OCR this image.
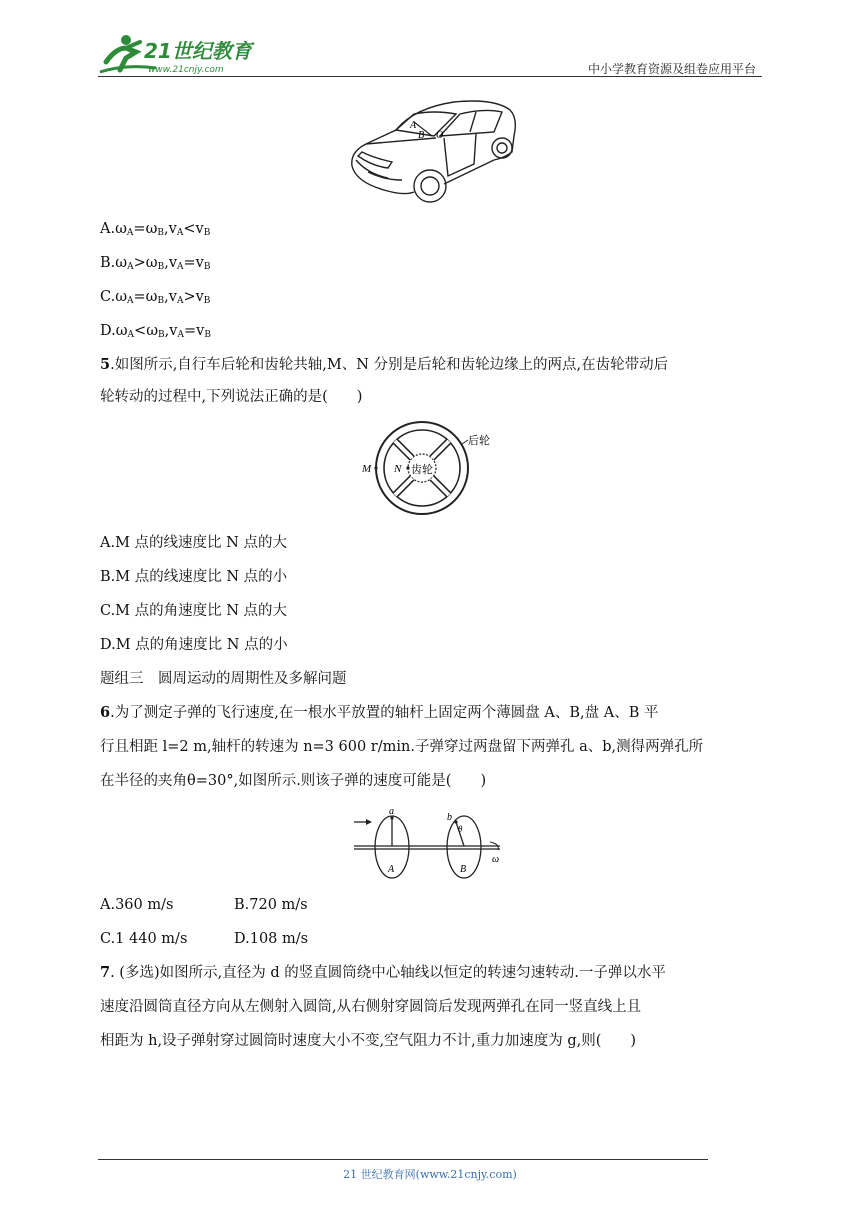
21世纪教育
www.21cnjy.com	中小学教育资源及组卷应用平台
A
B O
$A.\omega_A=\omega_B,v_A<v_B$
$B.\omega_A>\omega_B,v_A=v_B$
$C.\omega_A=\omega_B,v_A>v_B$
$D.\omega_A<\omega_B,v_A=v_B$
5.如图所示,自行车后轮和齿轮共轴,M、N 分别是后轮和齿轮边缘上的两点,在齿轮带动后
轮转动的过程中,下列说法正确的是(　　)
M N 齿轮
后轮
A.M 点的线速度比 N 点的大
B.M 点的线速度比 N 点的小
C.M 点的角速度比 N 点的大
D.M 点的角速度比 N 点的小
题组三　圆周运动的周期性及多解问题
6.为了测定子弹的飞行速度,在一根水平放置的轴杆上固定两个薄圆盘 A、B,盘 A、B 平
行且相距 l=2 m,轴杆的转速为 n=3 600 r/min.子弹穿过两盘留下两弹孔 a、b,测得两弹孔所
在半径的夹角θ=30°,如图所示.则该子弹的速度可能是(　　)
a
b
θ
A	B
ω
A.360 m/s	B.720 m/s
C.1 440 m/s	D.108 m/s
7. (多选)如图所示,直径为 d 的竖直圆筒绕中心轴线以恒定的转速匀速转动.一子弹以水平
速度沿圆筒直径方向从左侧射入圆筒,从右侧射穿圆筒后发现两弹孔在同一竖直线上且
相距为 h,设子弹射穿过圆筒时速度大小不变,空气阻力不计,重力加速度为 g,则(　　)
21 世纪教育网(www.21cnjy.com)
